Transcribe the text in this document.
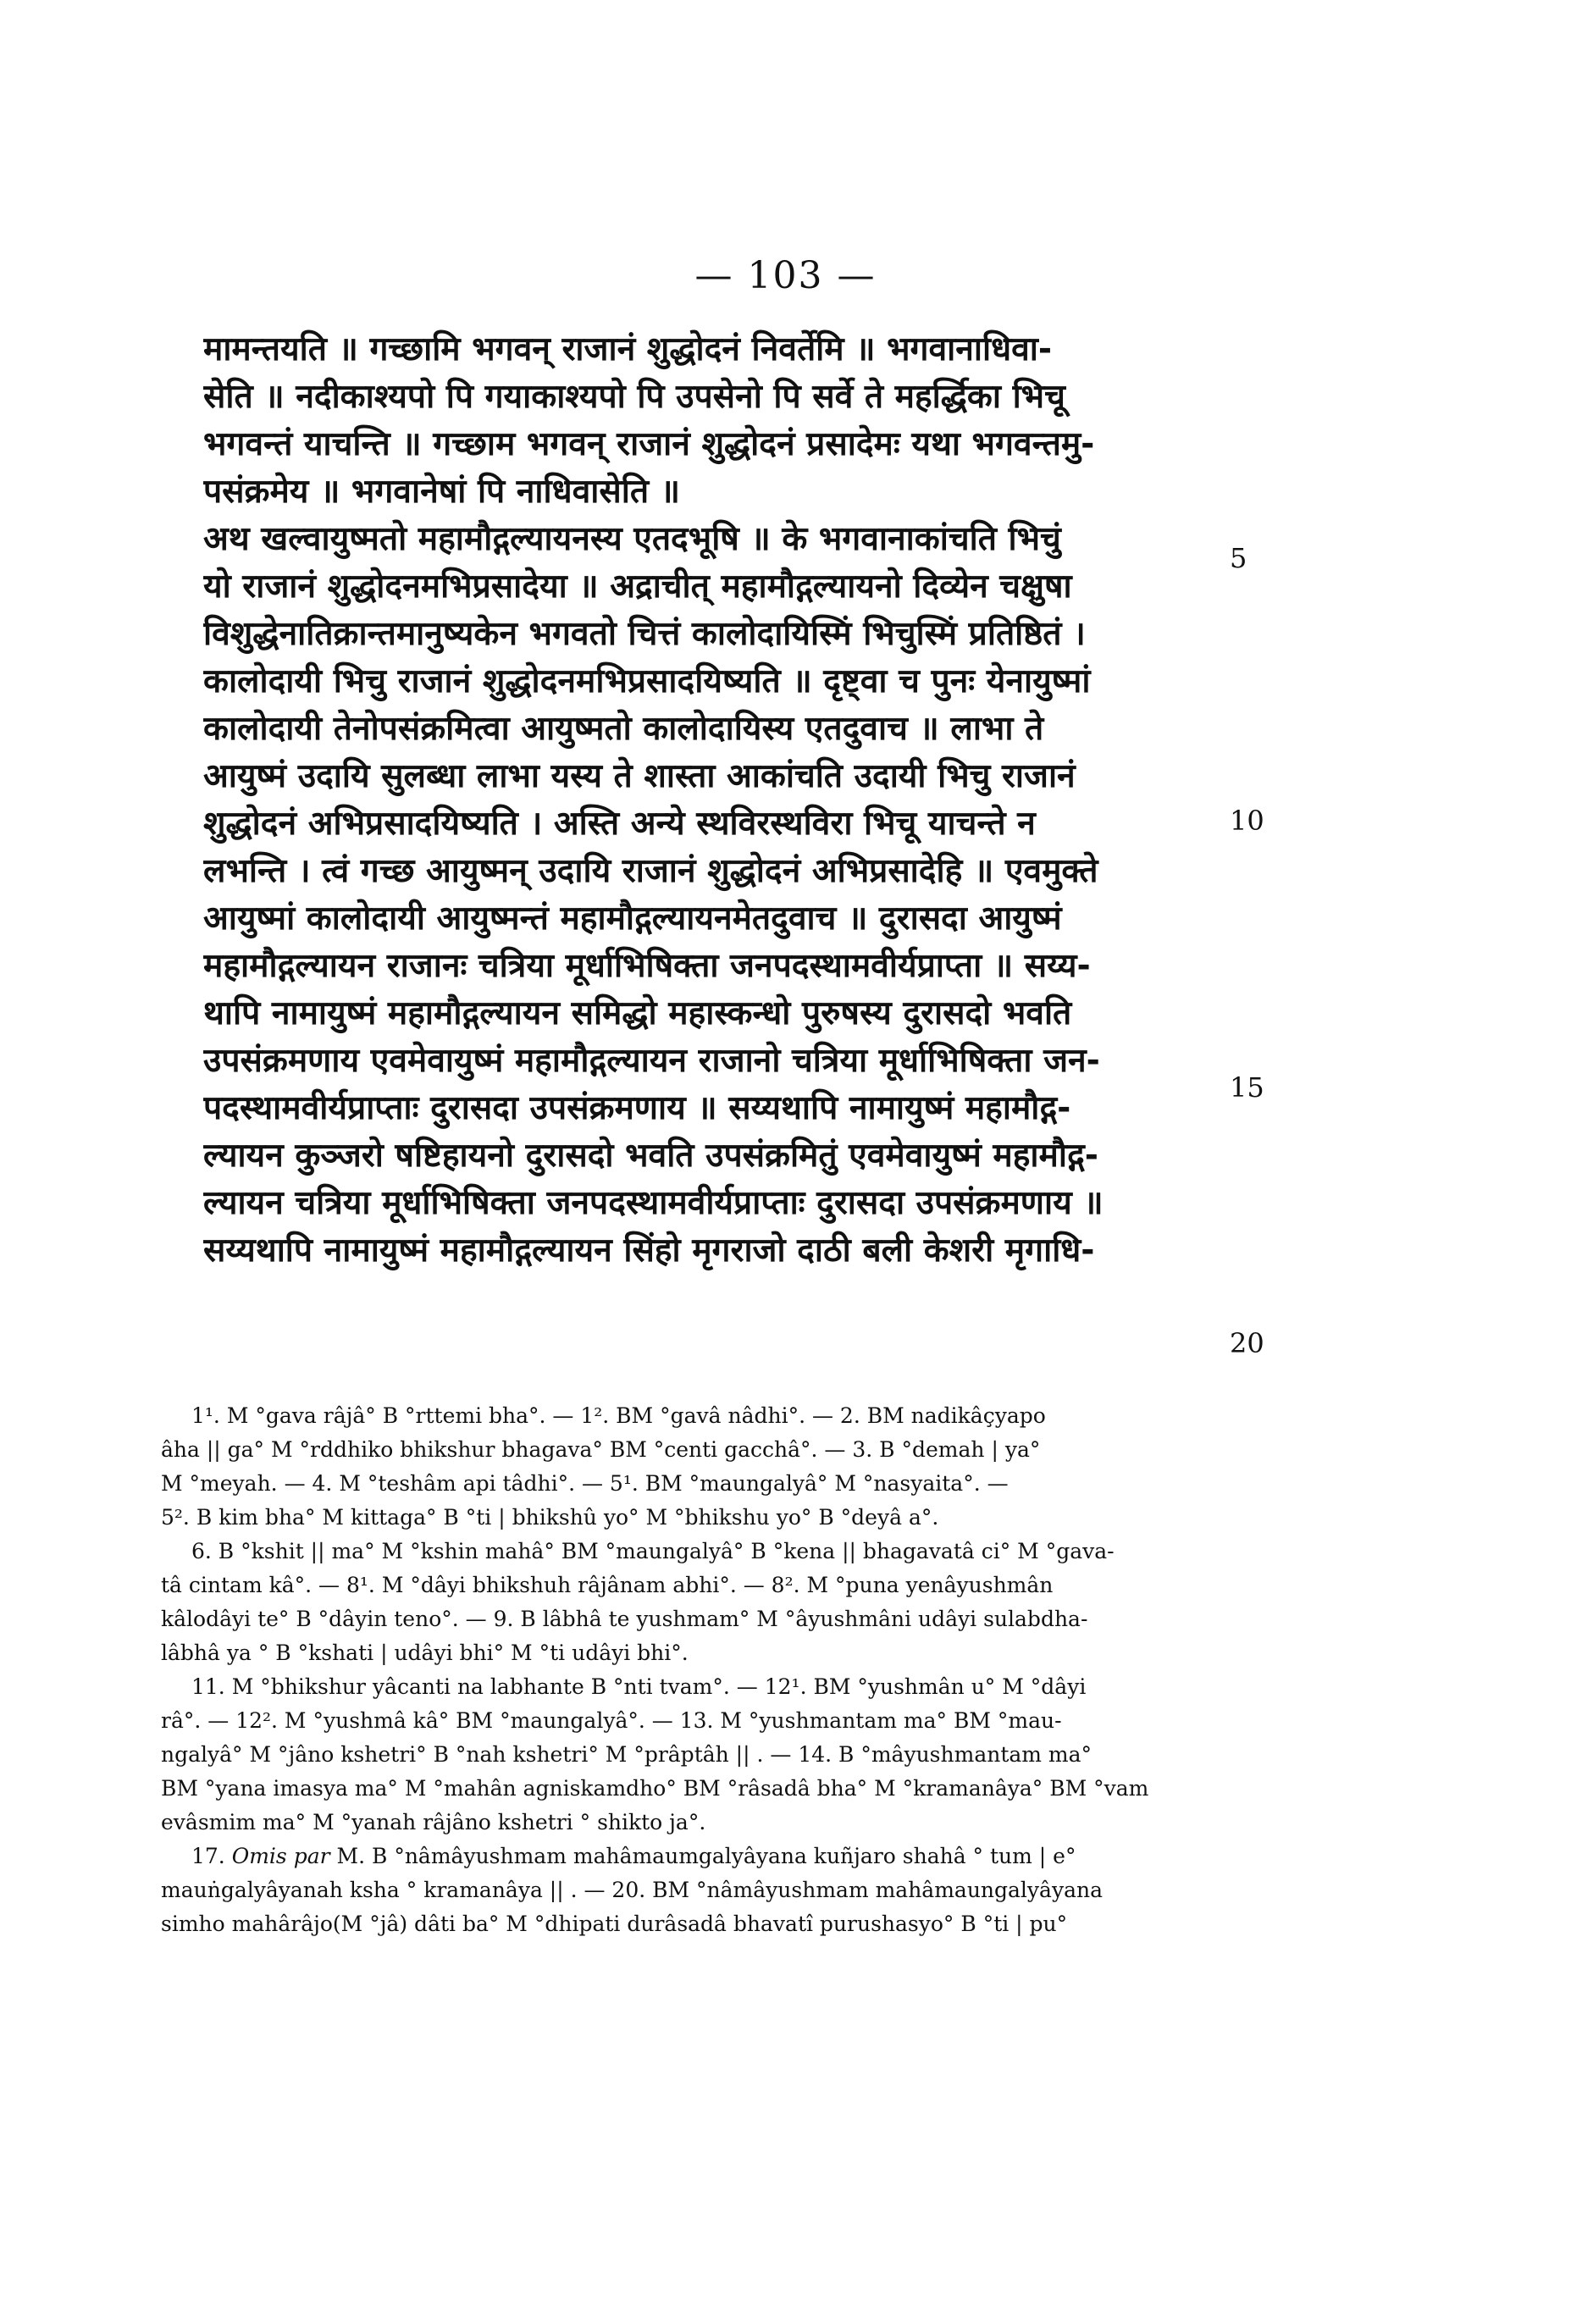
— 103 —
मामन्तयति ॥ गच्छामि भगवन् राजानं शुद्धोदनं निवर्तेमि ॥ भगवानाधिवा-
सेति ॥ नदीकाश्यपो पि गयाकाश्यपो पि उपसेनो पि सर्वे ते महर्द्धिका भिचू
भगवन्तं याचन्ति ॥ गच्छाम भगवन् राजानं शुद्धोदनं प्रसादेमः यथा भगवन्तमु-
पसंक्रमेय ॥ भगवानेषां पि नाधिवासेति ॥
अथ खल्वायुष्मतो महामौद्गल्यायनस्य एतदभूषि ॥ के भगवानाकांचति भिचुं
यो राजानं शुद्धोदनमभिप्रसादेया ॥ अद्राचीत् महामौद्गल्यायनो दिव्येन चक्षुषा
विशुद्धेनातिक्रान्तमानुष्यकेन भगवतो चित्तं कालोदायिस्मिं भिचुस्मिं प्रतिष्ठितं ।
कालोदायी भिचु राजानं शुद्धोदनमभिप्रसादयिष्यति ॥ दृष्ट्वा च पुनः येनायुष्मां
कालोदायी तेनोपसंक्रमित्वा आयुष्मतो कालोदायिस्य एतदुवाच ॥ लाभा ते
आयुष्मं उदायि सुलब्धा लाभा यस्य ते शास्ता आकांचति उदायी भिचु राजानं
शुद्धोदनं अभिप्रसादयिष्यति । अस्ति अन्ये स्थविरस्थविरा भिचू याचन्ते न
लभन्ति । त्वं गच्छ आयुष्मन् उदायि राजानं शुद्धोदनं अभिप्रसादेहि ॥ एवमुक्ते
आयुष्मां कालोदायी आयुष्मन्तं महामौद्गल्यायनमेतदुवाच ॥ दुरासदा आयुष्मं
महामौद्गल्यायन राजानः चत्रिया मूर्धाभिषिक्ता जनपदस्थामवीर्यप्राप्ता ॥ सय्य-
थापि नामायुष्मं महामौद्गल्यायन समिद्धो महास्कन्धो पुरुषस्य दुरासदो भवति
उपसंक्रमणाय एवमेवायुष्मं महामौद्गल्यायन राजानो चत्रिया मूर्धाभिषिक्ता जन-
पदस्थामवीर्यप्राप्ताः दुरासदा उपसंक्रमणाय ॥ सय्यथापि नामायुष्मं महामौद्ग-
ल्यायन कुञ्जरो षष्टिहायनो दुरासदो भवति उपसंक्रमितुं एवमेवायुष्मं महामौद्ग-
ल्यायन चत्रिया मूर्धाभिषिक्ता जनपदस्थामवीर्यप्राप्ताः दुरासदा उपसंक्रमणाय ॥
सय्यथापि नामायुष्मं महामौद्गल्यायन सिंहो मृगराजो दाठी बली केशरी मृगाधि-
5
10
15
20
1¹. M °gava râjâ° B °rttemi bha°. — 1². BM °gavâ nâdhi°. — 2. BM nadikâçyapo
âha || ga° M °rddhiko bhikshur bhagava° BM °centi gacchâ°. — 3. B °demah | ya°
M °meyah. — 4. M °teshâm api tâdhi°. — 5¹. BM °maungalyâ° M °nasyaita°. —
5². B kim bha° M kittaga° B °ti | bhikshû yo° M °bhikshu yo° B °deyâ a°.
6. B °kshit || ma° M °kshin mahâ° BM °maungalyâ° B °kena || bhagavatâ ci° M °gava-
tâ cintam kâ°. — 8¹. M °dâyi bhikshuh râjânam abhi°. — 8². M °puna yenâyushmân
kâlodâyi te° B °dâyin teno°. — 9. B lâbhâ te yushmam° M °âyushmâni udâyi sulabdha-
lâbhâ ya ° B °kshati | udâyi bhi° M °ti udâyi bhi°.
11. M °bhikshur yâcanti na labhante B °nti tvam°. — 12¹. BM °yushmân u° M °dâyi
râ°. — 12². M °yushmâ kâ° BM °maungalyâ°. — 13. M °yushmantam ma° BM °mau-
ngalyâ° M °jâno kshetri° B °nah kshetri° M °prâptâh || . — 14. B °mâyushmantam ma°
BM °yana imasya ma° M °mahân agniskamdho° BM °râsadâ bha° M °kramanâya° BM °vam
evâsmim ma° M °yanah râjâno kshetri ° shikto ja°.
17. Omis par M. B °nâmâyushmam mahâmaumgalyâyana kuñjaro shahâ ° tum | e°
mauṅgalyâyanah ksha ° kramanâya || . — 20. BM °nâmâyushmam mahâmaungalyâyana
simho mahârâjo(M °jâ) dâti ba° M °dhipati durâsadâ bhavatî purushasyo° B °ti | pu°
